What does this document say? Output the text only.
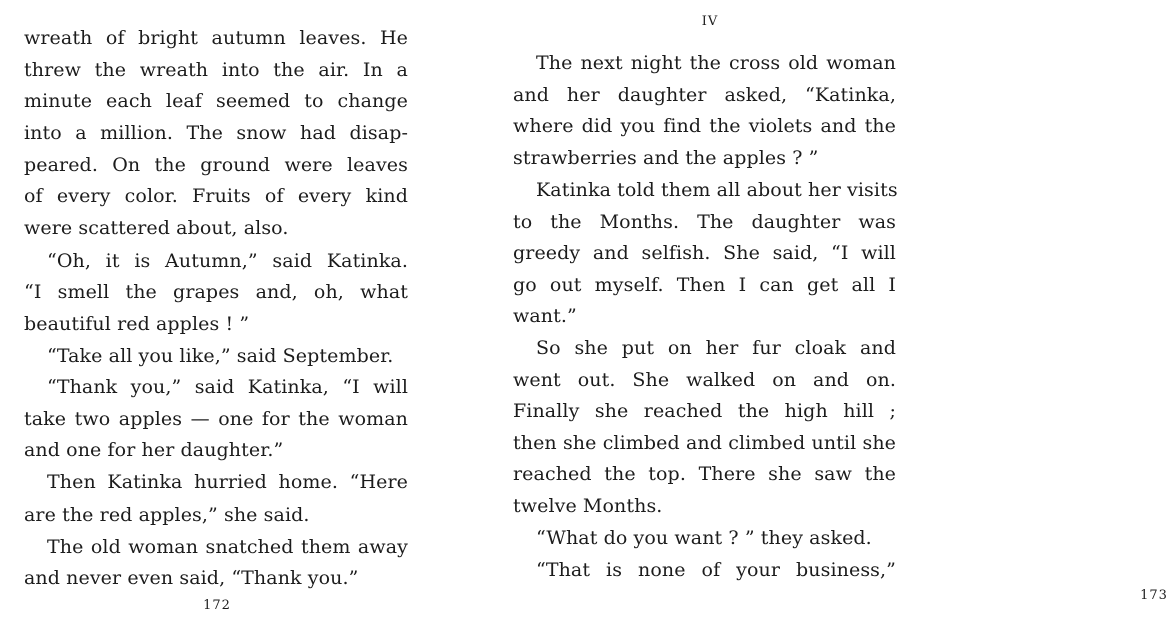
wreath of bright autumn leaves. He
threw the wreath into the air. In a
minute each leaf seemed to change
into a million. The snow had disap-
peared. On the ground were leaves
of every color. Fruits of every kind
were scattered about, also.
“Oh, it is Autumn,” said Katinka.
“I smell the grapes and, oh, what
beautiful red apples ! ”
“Take all you like,” said September.
“Thank you,” said Katinka, “I will
take two apples — one for the woman
and one for her daughter.”
Then Katinka hurried home. “Here
are the red apples,” she said.
The old woman snatched them away
and never even said, “Thank you.”
172
IV
The next night the cross old woman
and her daughter asked, “Katinka,
where did you find the violets and the
strawberries and the apples ? ”
Katinka told them all about her visits
to the Months. The daughter was
greedy and selfish. She said, “I will
go out myself. Then I can get all I
want.”
So she put on her fur cloak and
went out. She walked on and on.
Finally she reached the high hill ;
then she climbed and climbed until she
reached the top. There she saw the
twelve Months.
“What do you want ? ” they asked.
“That is none of your business,”
173
